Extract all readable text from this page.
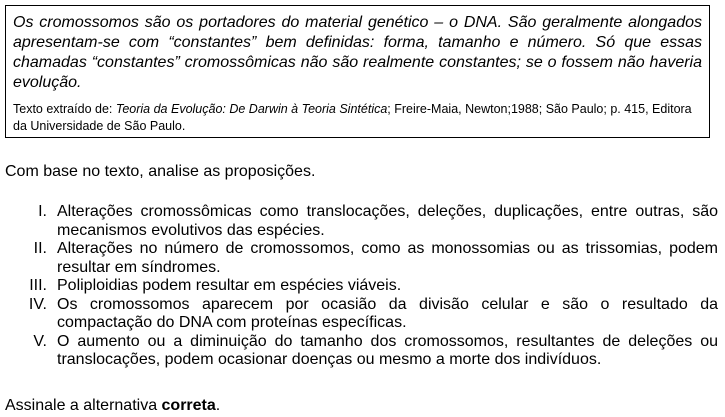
Os cromossomos são os portadores do material genético – o DNA. São geralmente alongados apresentam-se com “constantes” bem definidas: forma, tamanho e número. Só que essas chamadas “constantes” cromossômicas não são realmente constantes; se o fossem não haveria evolução.

Texto extraído de: Teoria da Evolução: De Darwin à Teoria Sintética; Freire-Maia, Newton;1988; São Paulo; p. 415, Editora da Universidade de São Paulo.

Com base no texto, analise as proposições.

I. Alterações cromossômicas como translocações, deleções, duplicações, entre outras, são mecanismos evolutivos das espécies.
II. Alterações no número de cromossomos, como as monossomias ou as trissomias, podem resultar em síndromes.
III. Poliploidias podem resultar em espécies viáveis.
IV. Os cromossomos aparecem por ocasião da divisão celular e são o resultado da compactação do DNA com proteínas específicas.
V. O aumento ou a diminuição do tamanho dos cromossomos, resultantes de deleções ou translocações, podem ocasionar doenças ou mesmo a morte dos indivíduos.

Assinale a alternativa correta.
